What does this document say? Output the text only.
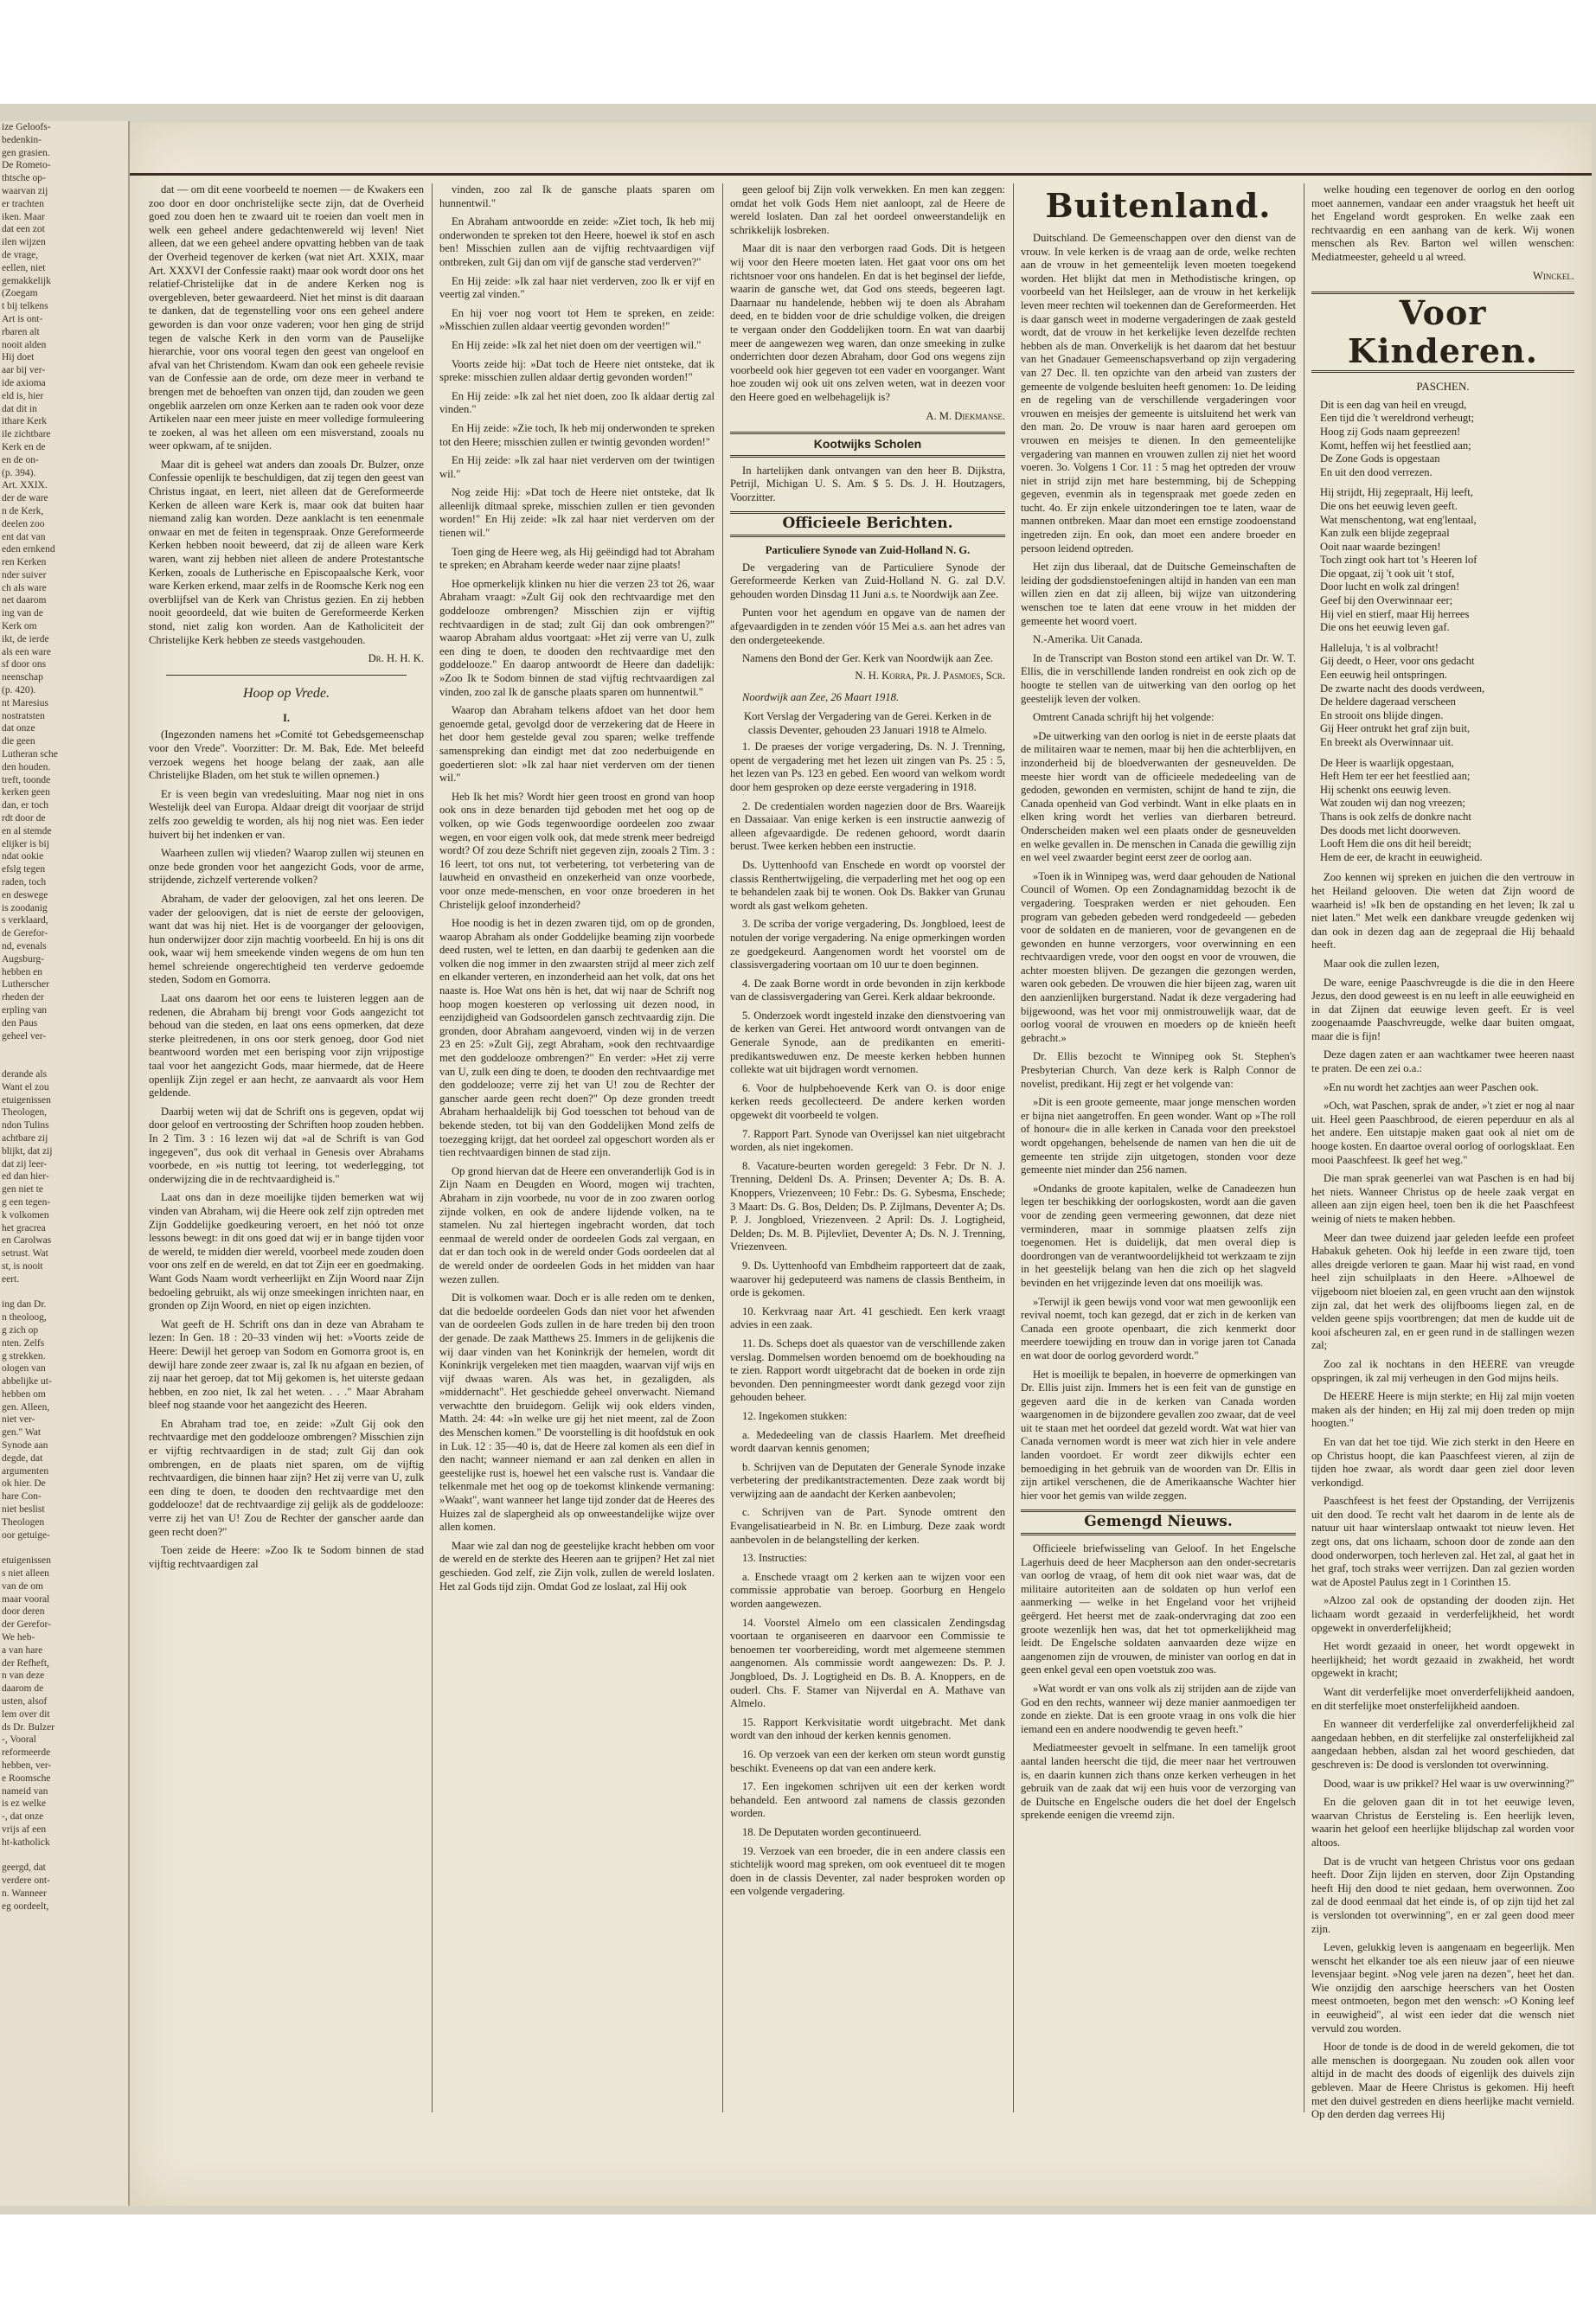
ize Geloofs-
bedenkin-
gen grasien.
De Rometo-
thtsche op-
waarvan zij
er trachten
iken. Maar
dat een zot
ilen wijzen
de vrage,
eellen, niet
gemakkelijk
(Zoegam
t bij telkens
Art is ont-
rbaren alt
nooit alden
Hij doet
aar bij ver-
ide axioma
eld is, hier
dat dit in
ithare Kerk
ile zichtbare
Kerk en de
en de on-
(p. 394).
Art. XXIX.
der de ware
n de Kerk,
deelen zoo
ent dat van
eden ernkend
ren Kerken
nder suiver
ch als ware
net daarom
ing van de
Kerk om
ikt, de ierde
als een ware
sf door ons
neenschap
(p. 420).
nt Maresius
nostratsten
dat onze
die geen
Lutheran sche
den houden.
treft, toonde
kerken geen
dan, er toch
rdt door de
en al stemde
elijker is bij
ndat ookie
efslg tegen
raden, toch
en deswege
is zoodanig
s verklaard,
de Gerefor-
nd, evenals
Augsburg-
hebben en
Lutherscher
rheden der
erpling van
den Paus
geheel ver-

derande als
Want el zou
etuigenissen
Theologen,
ndon Tulins
achtbare zij
blijkt, dat zij
dat zij leer-
ed dan hier-
gen niet te
g een tegen-
k volkomen
het gracrea
en Carolwas
setrust. Wat
st, is nooit
eert.

ing dan Dr.
n theoloog,
g zich op
nten. Zelfs
g strekken.
ologen van
abbelijke ut-
hebben om
gen. Alleen,
niet ver-
gen." Wat
Synode aan
degde, dat
argumenten
ok hier. De
hare Con-
niet beslist
Theologen
oor getuige-

etuigenissen
s niet alleen
van de om
maar vooral
door deren
der Gerefor-
We heb-
a van hare
der Refheft,
n van deze
daarom de
usten, alsof
lem over dit
ds Dr. Bulzer
-, Vooral
reformeerde
hebben, ver-
e Roomsche
nameid van
is ez welke
-, dat onze
vrijs af een
ht-katholick

geergd, dat
verdere ont-
n. Wanneer
eg oordeelt,

dat — om dit eene voorbeeld te noemen — de Kwakers een zoo door en door onchristelijke secte zijn, dat de Overheid goed zou doen hen te zwaard uit te roeien dan voelt men in welk een geheel andere gedachtenwereld wij leven! Niet alleen, dat we een geheel andere opvatting hebben van de taak der Overheid tegenover de kerken (wat niet Art. XXIX, maar Art. XXXVI der Confessie raakt) maar ook wordt door ons het relatief-Christelijke dat in de andere Kerken nog is overgebleven, beter gewaardeerd. Niet het minst is dit daaraan te danken, dat de tegenstelling voor ons een geheel andere geworden is dan voor onze vaderen; voor hen ging de strijd tegen de valsche Kerk in den vorm van de Pauselijke hierarchie, voor ons vooral tegen den geest van ongeloof en afval van het Christendom. Kwam dan ook een geheele revisie van de Confessie aan de orde, om deze meer in verband te brengen met de behoeften van onzen tijd, dan zouden we geen ongeblik aarzelen om onze Kerken aan te raden ook voor deze Artikelen naar een meer juiste en meer volledige formuleering te zoeken, al was het alleen om een misverstand, zooals nu weer opkwam, af te snijden.

Maar dit is geheel wat anders dan zooals Dr. Bulzer, onze Confessie openlijk te beschuldigen, dat zij tegen den geest van Christus ingaat, en leert, niet alleen dat de Gereformeerde Kerken de alleen ware Kerk is, maar ook dat buiten haar niemand zalig kan worden. Deze aanklacht is ten eenenmale onwaar en met de feiten in tegenspraak. Onze Gereformeerde Kerken hebben nooit beweerd, dat zij de alleen ware Kerk waren, want zij hebben niet alleen de andere Protestantsche Kerken, zooals de Lutherische en Episcopaalsche Kerk, voor ware Kerken erkend, maar zelfs in de Roomsche Kerk nog een overblijfsel van de Kerk van Christus gezien. En zij hebben nooit geoordeeld, dat wie buiten de Gereformeerde Kerken stond, niet zalig kon worden. Aan de Katholiciteit der Christelijke Kerk hebben ze steeds vastgehouden.

Dr. H. H. K.
Hoop op Vrede.
I.

(Ingezonden namens het »Comité tot Gebedsgemeenschap voor den Vrede". Voorzitter: Dr. M. Bak, Ede. Met beleefd verzoek wegens het hooge belang der zaak, aan alle Christelijke Bladen, om het stuk te willen opnemen.)

Er is veen begin van vredesluiting. Maar nog niet in ons Westelijk deel van Europa. Aldaar dreigt dit voorjaar de strijd zelfs zoo geweldig te worden, als hij nog niet was. Een ieder huivert bij het indenken er van.

Waarheen zullen wij vlieden? Waarop zullen wij steunen en onze bede gronden voor het aangezicht Gods, voor de arme, strijdende, zichzelf verterende volken?

Abraham, de vader der geloovigen, zal het ons leeren. De vader der geloovigen, dat is niet de eerste der geloovigen, want dat was hij niet. Het is de voorganger der geloovigen, hun onderwijzer door zijn machtig voorbeeld. En hij is ons dit ook, waar wij hem smeekende vinden wegens de om hun ten hemel schreiende ongerechtigheid ten verderve gedoemde steden, Sodom en Gomorra.

Laat ons daarom het oor eens te luisteren leggen aan de redenen, die Abraham bij brengt voor Gods aangezicht tot behoud van die steden, en laat ons eens opmerken, dat deze sterke pleitredenen, in ons oor sterk genoeg, door God niet beantwoord worden met een berisping voor zijn vrijpostige taal voor het aangezicht Gods, maar hiermede, dat de Heere openlijk Zijn zegel er aan hecht, ze aanvaardt als voor Hem geldende.

Daarbij weten wij dat de Schrift ons is gegeven, opdat wij door geloof en vertroosting der Schriften hoop zouden hebben. In 2 Tim. 3 : 16 lezen wij dat »al de Schrift is van God ingegeven", dus ook dit verhaal in Genesis over Abrahams voorbede, en »is nuttig tot leering, tot wederlegging, tot onderwijzing die in de rechtvaardigheid is."

Laat ons dan in deze moeilijke tijden bemerken wat wij vinden van Abraham, wij die Heere ook zelf zijn optreden met Zijn Goddelijke goedkeuring veroert, en het nóó tot onze lessons bewegt: in dit ons goed dat wij er in bange tijden voor de wereld, te midden dier wereld, voorbeel mede zouden doen voor ons zelf en de wereld, en dat tot Zijn eer en goedmaking. Want Gods Naam wordt verheerlijkt en Zijn Woord naar Zijn bedoeling gebruikt, als wij onze smeekingen inrichten naar, en gronden op Zijn Woord, en niet op eigen inzichten.

Wat geeft de H. Schrift ons dan in deze van Abraham te lezen: In Gen. 18 : 20–33 vinden wij het: »Voorts zeide de Heere: Dewijl het geroep van Sodom en Gomorra groot is, en dewijl hare zonde zeer zwaar is, zal Ik nu afgaan en bezien, of zij naar het geroep, dat tot Mij gekomen is, het uiterste gedaan hebben, en zoo niet, Ik zal het weten. . . ." Maar Abraham bleef nog staande voor het aangezicht des Heeren.

En Abraham trad toe, en zeide: »Zult Gij ook den rechtvaardige met den goddelooze ombrengen? Misschien zijn er vijftig rechtvaardigen in de stad; zult Gij dan ook ombrengen, en de plaats niet sparen, om de vijftig rechtvaardigen, die binnen haar zijn? Het zij verre van U, zulk een ding te doen, te dooden den rechtvaardige met den goddelooze! dat de rechtvaardige zij gelijk als de goddelooze: verre zij het van U! Zou de Rechter der ganscher aarde dan geen recht doen?"

Toen zeide de Heere: »Zoo Ik te Sodom binnen de stad vijftig rechtvaardigen zal

vinden, zoo zal Ik de gansche plaats sparen om hunnentwil."

En Abraham antwoordde en zeide: »Ziet toch, Ik heb mij onderwonden te spreken tot den Heere, hoewel ik stof en asch ben! Misschien zullen aan de vijftig rechtvaardigen vijf ontbreken, zult Gij dan om vijf de gansche stad verderven?"

En Hij zeide: »Ik zal haar niet verderven, zoo Ik er vijf en veertig zal vinden."

En hij voer nog voort tot Hem te spreken, en zeide: »Misschien zullen aldaar veertig gevonden worden!"

En Hij zeide: »Ik zal het niet doen om der veertigen wil."

Voorts zeide hij: »Dat toch de Heere niet ontsteke, dat ik spreke: misschien zullen aldaar dertig gevonden worden!"

En Hij zeide: »Ik zal het niet doen, zoo Ik aldaar dertig zal vinden."

En Hij zeide: »Zie toch, Ik heb mij onderwonden te spreken tot den Heere; misschien zullen er twintig gevonden worden!"

En Hij zeide: »Ik zal haar niet verderven om der twintigen wil."

Nog zeide Hij: »Dat toch de Heere niet ontsteke, dat Ik alleenlijk dítmaal spreke, misschien zullen er tien gevonden worden!" En Hij zeide: »Ik zal haar niet verderven om der tienen wil."

Toen ging de Heere weg, als Hij geëindigd had tot Abraham te spreken; en Abraham keerde weder naar zijne plaats!

Hoe opmerkelijk klinken nu hier die verzen 23 tot 26, waar Abraham vraagt: »Zult Gij ook den rechtvaardige met den goddelooze ombrengen? Misschien zijn er vijftig rechtvaardigen in de stad; zult Gij dan ook ombrengen?" waarop Abraham aldus voortgaat: »Het zij verre van U, zulk een ding te doen, te dooden den rechtvaardige met den goddelooze." En daarop antwoordt de Heere dan dadelijk: »Zoo Ik te Sodom binnen de stad vijftig rechtvaardigen zal vinden, zoo zal Ik de gansche plaats sparen om hunnentwil."

Waarop dan Abraham telkens afdoet van het door hem genoemde getal, gevolgd door de verzekering dat de Heere in het door hem gestelde geval zou sparen; welke treffende samenspreking dan eindigt met dat zoo nederbuigende en goedertieren slot: »Ik zal haar niet verderven om der tienen wil."

Heb Ik het mis? Wordt hier geen troost en grond van hoop ook ons in deze benarden tijd geboden met het oog op de volken, op wie Gods tegenwoordige oordeelen zoo zwaar wegen, en voor eigen volk ook, dat mede strenk meer bedreigd wordt? Of zou deze Schrift niet gegeven zijn, zooals 2 Tim. 3 : 16 leert, tot ons nut, tot verbetering, tot verbetering van de lauwheid en onvastheid en onzekerheid van onze voorbede, voor onze mede-menschen, en voor onze broederen in het Christelijk geloof inzonderheid?

Hoe noodig is het in dezen zwaren tijd, om op de gronden, waarop Abraham als onder Goddelijke beaming zijn voorbede deed rusten, wel te letten, en dan daarbij te gedenken aan die volken die nog immer in den zwaarsten strijd al meer zich zelf en elkander verteren, en inzonderheid aan het volk, dat ons het naaste is. Hoe Wat ons hèn is het, dat wij naar de Schrift nog hoop mogen koesteren op verlossing uit dezen nood, in eenzijdigheid van Godsoordelen gansch zechtvaardig zijn. Die gronden, door Abraham aangevoerd, vinden wij in de verzen 23 en 25: »Zult Gij, zegt Abraham, »ook den rechtvaardige met den goddelooze ombrengen?" En verder: »Het zij verre van U, zulk een ding te doen, te dooden den rechtvaardige met den goddelooze; verre zij het van U! zou de Rechter der ganscher aarde geen recht doen?" Op deze gronden treedt Abraham herhaaldelijk bij God toesschen tot behoud van de bekende steden, tot bij van den Goddelijken Mond zelfs de toezegging krijgt, dat het oordeel zal opgeschort worden als er tien rechtvaardigen binnen de stad zijn.

Op grond hiervan dat de Heere een onveranderlijk God is in Zijn Naam en Deugden en Woord, mogen wij trachten, Abraham in zijn voorbede, nu voor de in zoo zwaren oorlog zijnde volken, en ook de andere lijdende volken, na te stamelen. Nu zal hiertegen ingebracht worden, dat toch eenmaal de wereld onder de oordeelen Gods zal vergaan, en dat er dan toch ook in de wereld onder Gods oordeelen dat al de wereld onder de oordeelen Gods in het midden van haar wezen zullen.

Dit is volkomen waar. Doch er is alle reden om te denken, dat die bedoelde oordeelen Gods dan niet voor het afwenden van de oordeelen Gods zullen in de hare treden bij den troon der genade. De zaak Matthews 25. Immers in de gelijkenis die wij daar vinden van het Koninkrijk der hemelen, wordt dit Koninkrijk vergeleken met tien maagden, waarvan vijf wijs en vijf dwaas waren. Als was het, in gezaligden, als »middernacht". Het geschiedde geheel onverwacht. Niemand verwachtte den bruidegom. Gelijk wij ook elders vinden, Matth. 24: 44: »In welke ure gij het niet meent, zal de Zoon des Menschen komen." De voorstelling is dit hoofdstuk en ook in Luk. 12 : 35—40 is, dat de Heere zal komen als een dief in den nacht; wanneer niemand er aan zal denken en allen in geestelijke rust is, hoewel het een valsche rust is. Vandaar die telkenmale met het oog op de toekomst klinkende vermaning: »Waakt", want wanneer het lange tijd zonder dat de Heeres des Huizes zal de slapergheid als op onweestandelijke wijze over allen komen.

Maar wie zal dan nog de geestelijke kracht hebben om voor de wereld en de sterkte des Heeren aan te grijpen? Het zal niet geschieden. God zelf, zie Zijn volk, zullen de wereld loslaten. Het zal Gods tijd zijn. Omdat God ze loslaat, zal Hij ook

geen geloof bij Zijn volk verwekken. En men kan zeggen: omdat het volk Gods Hem niet aanloopt, zal de Heere de wereld loslaten. Dan zal het oordeel onweerstandelijk en schrikkelijk losbreken.

Maar dit is naar den verborgen raad Gods. Dit is hetgeen wij voor den Heere moeten laten. Het gaat voor ons om het richtsnoer voor ons handelen. En dat is het beginsel der liefde, waarin de gansche wet, dat God ons steeds, begeeren lagt. Daarnaar nu handelende, hebben wij te doen als Abraham deed, en te bidden voor de drie schuldige volken, die dreigen te vergaan onder den Goddelijken toorn. En wat van daarbij meer de aangewezen weg waren, dan onze smeeking in zulke onderrichten door dezen Abraham, door God ons wegens zijn voorbeeld ook hier gegeven tot een vader en voorganger. Want hoe zouden wij ook uit ons zelven weten, wat in deezen voor den Heere goed en welbehagelijk is?

A. M. Diekmanse.
Kootwijks Scholen

In hartelijken dank ontvangen van den heer B. Dijkstra, Petrijl, Michigan U. S. Am. $ 5. Ds. J. H. Houtzagers, Voorzitter.

Officieele Berichten.
Particuliere Synode van Zuid-Holland N. G.

De vergadering van de Particuliere Synode der Gereformeerde Kerken van Zuid-Holland N. G. zal D.V. gehouden worden Dinsdag 11 Juni a.s. te Noordwijk aan Zee.

Punten voor het agendum en opgave van de namen der afgevaardigden in te zenden vóór 15 Mei a.s. aan het adres van den ondergeteekende.

Namens den Bond der Ger. Kerk van Noordwijk aan Zee.
N. H. Korra, Pr. J. Pasmoes, Scr.

Noordwijk aan Zee, 26 Maart 1918.

Kort Verslag der Vergadering van de Gerei. Kerken in de classis Deventer, gehouden 23 Januari 1918 te Almelo.

1. De praeses der vorige vergadering, Ds. N. J. Trenning, opent de vergadering met het lezen uit zingen van Ps. 25 : 5, het lezen van Ps. 123 en gebed. Een woord van welkom wordt door hem gesproken op deze eerste vergadering in 1918.

2. De credentialen worden nagezien door de Brs. Waareijk en Dassaiaar. Van enige kerken is een instructie aanwezig of alleen afgevaardigde. De redenen gehoord, wordt daarin berust. Twee kerken hebben een instructie.

Ds. Uyttenhoofd van Enschede en wordt op voorstel der classis Renthertwijgeling, die verpaderling met het oog op een te behandelen zaak bij te wonen. Ook Ds. Bakker van Grunau wordt als gast welkom geheten.

3. De scriba der vorige vergadering, Ds. Jongbloed, leest de notulen der vorige vergadering. Na enige opmerkingen worden ze goedgekeurd. Aangenomen wordt het voorstel om de classisvergadering voortaan om 10 uur te doen beginnen.

4. De zaak Borne wordt in orde bevonden in zijn kerkbode van de classisvergadering van Gerei. Kerk aldaar bekroonde.

5. Onderzoek wordt ingesteld inzake den dienstvoering van de kerken van Gerei. Het antwoord wordt ontvangen van de Generale Synode, aan de predikanten en emeriti-predikantsweduwen enz. De meeste kerken hebben hunnen collekte wat uit bijdragen wordt vernomen.

6. Voor de hulpbehoevende Kerk van O. is door enige kerken reeds gecollecteerd. De andere kerken worden opgewekt dit voorbeeld te volgen.

7. Rapport Part. Synode van Overijssel kan niet uitgebracht worden, als niet ingekomen.

8. Vacature-beurten worden geregeld: 3 Febr. Dr N. J. Trenning, Deldenl Ds. A. Prinsen; Deventer A; Ds. B. A. Knoppers, Vriezenveen; 10 Febr.: Ds. G. Sybesma, Enschede; 3 Maart: Ds. G. Bos, Delden; Ds. P. Zijlmans, Deventer A; Ds. P. J. Jongbloed, Vriezenveen. 2 April: Ds. J. Logtigheid, Delden; Ds. M. B. Pijlevliet, Deventer A; Ds. N. J. Trenning, Vriezenveen.

9. Ds. Uyttenhoofd van Embdheim rapporteert dat de zaak, waarover hij gedeputeerd was namens de classis Bentheim, in orde is gekomen.

10. Kerkvraag naar Art. 41 geschiedt. Een kerk vraagt advies in een zaak.

11. Ds. Scheps doet als quaestor van de verschillende zaken verslag. Dommelsen worden benoemd om de boekhouding na te zien. Rapport wordt uitgebracht dat de boeken in orde zijn bevonden. Den penningmeester wordt dank gezegd voor zijn gehouden beheer.

12. Ingekomen stukken:

a. Mededeeling van de classis Haarlem. Met dreefheid wordt daarvan kennis genomen;

b. Schrijven van de Deputaten der Generale Synode inzake verbetering der predikantstractementen. Deze zaak wordt bij verwijzing aan de aandacht der Kerken aanbevolen;

c. Schrijven van de Part. Synode omtrent den Evangelisatiearbeid in N. Br. en Limburg. Deze zaak wordt aanbevolen in de belangstelling der kerken.

13. Instructies:

a. Enschede vraagt om 2 kerken aan te wijzen voor een commissie approbatie van beroep. Goorburg en Hengelo worden aangewezen.

14. Voorstel Almelo om een classicalen Zendingsdag voortaan te organiseeren en daarvoor een Commissie te benoemen ter voorbereiding, wordt met algemeene stemmen aangenomen. Als commissie wordt aangewezen: Ds. P. J. Jongbloed, Ds. J. Logtigheid en Ds. B. A. Knoppers, en de ouderl. Chs. F. Stamer van Nijverdal en A. Mathave van Almelo.

15. Rapport Kerkvisitatie wordt uitgebracht. Met dank wordt van den inhoud der kerken kennis genomen.

16. Op verzoek van een der kerken om steun wordt gunstig beschikt. Eveneens op dat van een andere kerk.

17. Een ingekomen schrijven uit een der kerken wordt behandeld. Een antwoord zal namens de classis gezonden worden.

18. De Deputaten worden gecontinueerd.

19. Verzoek van een broeder, die in een andere classis een stichtelijk woord mag spreken, om ook eventueel dit te mogen doen in de classis Deventer, zal nader besproken worden op een volgende vergadering.

Buitenland.

Duitschland. De Gemeenschappen over den dienst van de vrouw. In vele kerken is de vraag aan de orde, welke rechten aan de vrouw in het gemeentelijk leven moeten toegekend worden. Het blijkt dat men in Methodistische kringen, op voorbeeld van het Heilsleger, aan de vrouw in het kerkelijk leven meer rechten wil toekennen dan de Gereformeerden. Het is daar gansch weet in moderne vergaderingen de zaak gesteld wordt, dat de vrouw in het kerkelijke leven dezelfde rechten hebben als de man. Onverkelijk is het daarom dat het bestuur van het Gnadauer Gemeenschapsverband op zijn vergadering van 27 Dec. ll. ten opzichte van den arbeid van zusters der gemeente de volgende besluiten heeft genomen: 1o. De leiding en de regeling van de verschillende vergaderingen voor vrouwen en meisjes der gemeente is uitsluitend het werk van den man. 2o. De vrouw is naar haren aard geroepen om vrouwen en meisjes te dienen. In den gemeentelijke vergadering van mannen en vrouwen zullen zij niet het woord voeren. 3o. Volgens 1 Cor. 11 : 5 mag het optreden der vrouw niet in strijd zijn met hare bestemming, bij de Schepping gegeven, evenmin als in tegenspraak met goede zeden en tucht. 4o. Er zijn enkele uitzonderingen toe te laten, waar de mannen ontbreken. Maar dan moet een ernstige zoodoenstand ingetreden zijn. En ook, dan moet een andere broeder en persoon leidend optreden.

Het zijn dus liberaal, dat de Duitsche Gemeinschaften de leiding der godsdienstoefeningen altijd in handen van een man willen zien en dat zij alleen, bij wijze van uitzondering wenschen toe te laten dat eene vrouw in het midden der gemeente het woord voert.

N.-Amerika. Uit Canada.

In de Transcript van Boston stond een artikel van Dr. W. T. Ellis, die in verschillende landen rondreist en ook zich op de hoogte te stellen van de uitwerking van den oorlog op het geestelijk leven der volken.

Omtrent Canada schrijft hij het volgende:

»De uitwerking van den oorlog is niet in de eerste plaats dat de militairen waar te nemen, maar bij hen die achterblijven, en inzonderheid bij de bloedverwanten der gesneuvelden. De meeste hier wordt van de officieele mededeeling van de gedoden, gewonden en vermisten, schijnt de hand te zijn, die Canada openheid van God verbindt. Want in elke plaats en in elken kring wordt het verlies van dierbaren betreurd. Onderscheiden maken wel een plaats onder de gesneuvelden en welke gevallen in. De menschen in Canada die gewillig zijn en wel veel zwaarder begint eerst zeer de oorlog aan.

»Toen ik in Winnipeg was, werd daar gehouden de National Council of Women. Op een Zondagnamiddag bezocht ik de vergadering. Toespraken werden er niet gehouden. Een program van gebeden gebeden werd rondgedeeld — gebeden voor de soldaten en de manieren, voor de gevangenen en de gewonden en hunne verzorgers, voor overwinning en een rechtvaardigen vrede, voor den oogst en voor de vrouwen, die achter moesten blijven. De gezangen die gezongen werden, waren ook gebeden. De vrouwen die hier bijeen zag, waren uit den aanzienlijken burgerstand. Nadat ik deze vergadering had bijgewoond, was het voor mij onmistrouwelijk waar, dat de oorlog vooral de vrouwen en moeders op de knieën heeft gebracht.»

Dr. Ellis bezocht te Winnipeg ook St. Stephen's Presbyterian Church. Van deze kerk is Ralph Connor de novelist, predikant. Hij zegt er het volgende van:

»Dit is een groote gemeente, maar jonge menschen worden er bijna niet aangetroffen. En geen wonder. Want op »The roll of honour« die in alle kerken in Canada voor den preekstoel wordt opgehangen, behelsende de namen van hen die uit de gemeente ten strijde zijn uitgetogen, stonden voor deze gemeente niet minder dan 256 namen.

»Ondanks de groote kapitalen, welke de Canadeezen hun legen ter beschikking der oorlogskosten, wordt aan die gaven voor de zending geen vermeering gewonnen, dat deze niet verminderen, maar in sommige plaatsen zelfs zijn toegenomen. Het is duidelijk, dat men overal diep is doordrongen van de verantwoordelijkheid tot werkzaam te zijn in het geestelijk belang van hen die zich op het slagveld bevinden en het vrijgezinde leven dat ons moeilijk was.

»Terwijl ik geen bewijs vond voor wat men gewoonlijk een revival noemt, toch kan gezegd, dat er zich in de kerken van Canada een groote openbaart, die zich kenmerkt door meerdere toewijding en trouw dan in vorige jaren tot Canada en wat door de oorlog gevorderd wordt."

Het is moeilijk te bepalen, in hoeverre de opmerkingen van Dr. Ellis juist zijn. Immers het is een feit van de gunstige en gegeven aard die in de kerken van Canada worden waargenomen in de bijzondere gevallen zoo zwaar, dat de veel uit te staan met het oordeel dat gezeld wordt. Wat wat hier van Canada vernomen wordt is meer wat zich hier in vele andere landen voordoet. Er wordt zeer dikwijls echter een bemoediging in het gebruik van de woorden van Dr. Ellis in zijn artikel verschenen, die de Amerikaansche Wachter hier hier voor het gemis van wilde zeggen.

Gemengd Nieuws.

Officieele briefwisseling van Geloof. In het Engelsche Lagerhuis deed de heer Macpherson aan den onder-secretaris van oorlog de vraag, of hem dit ook niet waar was, dat de militaire autoriteiten aan de soldaten op hun verlof een aanmerking — welke in het Engeland voor het vrijheid geërgerd. Het heerst met de zaak-ondervraging dat zoo een groote wezenlijk hen was, dat het tot opmerkelijkheid mag leidt. De Engelsche soldaten aanvaarden deze wijze en aangenomen zijn de vrouwen, de minister van oorlog en dat in geen enkel geval een open voetstuk zoo was.

»Wat wordt er van ons volk als zij strijden aan de zijde van God en den rechts, wanneer wij deze manier aanmoedigen ter zonde en ziekte. Dat is een groote vraag in ons volk die hier iemand een en andere noodwendig te geven heeft."

Mediatmeester gevoelt in selfmane. In een tamelijk groot aantal landen heerscht die tijd, die meer naar het vertrouwen is, en daarin kunnen zich thans onze kerken verheugen in het gebruik van de zaak dat wij een huis voor de verzorging van de Duitsche en Engelsche ouders die het doel der Engelsch sprekende eenigen die vreemd zijn.

welke houding een tegenover de oorlog en den oorlog moet aannemen, vandaar een ander vraagstuk het heeft uit het Engeland wordt gesproken. En welke zaak een rechtvaardig en een aanhang van de kerk. Wij wonen menschen als Rev. Barton wel willen wenschen: Mediatmeester, geheeld u al wreed.

Winckel.
Voor Kinderen.
PASCHEN.
Dit is een dag van heil en vreugd,
Een tijd die 't wereldrond verheugt;
Hoog zij Gods naam gepreezen!
Komt, heffen wij het feestlied aan;
De Zone Gods is opgestaan
En uit den dood verrezen.
Hij strijdt, Hij zegepraalt, Hij leeft,
Die ons het eeuwig leven geeft.
Wat menschentong, wat eng'lentaal,
Kan zulk een blijde zegepraal
Ooit naar waarde bezingen!
Toch zingt ook hart tot 's Heeren lof
Die opgaat, zij 't ook uit 't stof,
Door lucht en wolk zal dringen!
Geef bij den Overwinnaar eer;
Hij viel en stierf, maar Hij herrees
Die ons het eeuwig leven gaf.
Halleluja, 't is al volbracht!
Gij deedt, o Heer, voor ons gedacht
Een eeuwig heil ontspringen.
De zwarte nacht des doods verdween,
De heldere dageraad verscheen
En strooit ons blijde dingen.
Gij Heer ontrukt het graf zijn buit,
En breekt als Overwinnaar uit.
De Heer is waarlijk opgestaan,
Heft Hem ter eer het feestlied aan;
Hij schenkt ons eeuwig leven.
Wat zouden wij dan nog vreezen;
Thans is ook zelfs de donkre nacht
Des doods met licht doorweven.
Looft Hem die ons dit heil bereidt;
Hem de eer, de kracht in eeuwigheid.

Zoo kennen wij spreken en juichen die den vertrouw in het Heiland gelooven. Die weten dat Zijn woord de waarheid is! »Ik ben de opstanding en het leven; Ik zal u niet laten." Met welk een dankbare vreugde gedenken wij dan ook in dezen dag aan de zegepraal die Hij behaald heeft.

Maar ook die zullen lezen,

De ware, eenige Paaschvreugde is die die in den Heere Jezus, den dood geweest is en nu leeft in alle eeuwigheid en in dat Zijnen dat eeuwige leven geeft. Er is veel zoogenaamde Paaschvreugde, welke daar buiten omgaat, maar die is fijn!

Deze dagen zaten er aan wachtkamer twee heeren naast te praten. De een zei o.a.:

»En nu wordt het zachtjes aan weer Paschen ook.

»Och, wat Paschen, sprak de ander, »'t ziet er nog al naar uit. Heel geen Paaschbrood, de eieren peperduur en als al het andere. Een uitstapje maken gaat ook al niet om de hooge kosten. En daartoe overal oorlog of oorlogsklaat. Een mooi Paaschfeest. Ik geef het weg."

Die man sprak geenerlei van wat Paschen is en had bij het niets. Wanneer Christus op de heele zaak vergat en alleen aan zijn eigen heel, toen ben ik die het Paaschfeest weinig of niets te maken hebben.

Meer dan twee duizend jaar geleden leefde een profeet Habakuk geheten. Ook hij leefde in een zware tijd, toen alles dreigde verloren te gaan. Maar hij wist raad, en vond heel zijn schuilplaats in den Heere. »Alhoewel de vijgeboom niet bloeien zal, en geen vrucht aan den wijnstok zijn zal, dat het werk des olijfbooms liegen zal, en de velden geene spijs voortbrengen; dat men de kudde uit de kooi afscheuren zal, en er geen rund in de stallingen wezen zal;

Zoo zal ik nochtans in den HEERE van vreugde opspringen, ik zal mij verheugen in den God mijns heils.

De HEERE Heere is mijn sterkte; en Hij zal mijn voeten maken als der hinden; en Hij zal mij doen treden op mijn hoogten."

En van dat het toe tijd. Wie zich sterkt in den Heere en op Christus hoopt, die kan Paaschfeest vieren, al zijn de tijden hoe zwaar, als wordt daar geen ziel door leven verkondigd.

Paaschfeest is het feest der Opstanding, der Verrijzenis uit den dood. Te recht valt het daarom in de lente als de natuur uit haar winterslaap ontwaakt tot nieuw leven. Het zegt ons, dat ons lichaam, schoon door de zonde aan den dood onderworpen, toch herleven zal. Het zal, al gaat het in het graf, toch straks weer verrijzen. Dan zal gezien worden wat de Apostel Paulus zegt in 1 Corinthen 15.

»Alzoo zal ook de opstanding der dooden zijn. Het lichaam wordt gezaaid in verderfelijkheid, het wordt opgewekt in onverderfelijkheid;

Het wordt gezaaid in oneer, het wordt opgewekt in heerlijkheid; het wordt gezaaid in zwakheid, het wordt opgewekt in kracht;

Want dit verderfelijke moet onverderfelijkheid aandoen, en dit sterfelijke moet onsterfelijkheid aandoen.

En wanneer dit verderfelijke zal onverderfelijkheid zal aangedaan hebben, en dit sterfelijke zal onsterfelijkheid zal aangedaan hebben, alsdan zal het woord geschieden, dat geschreven is: De dood is verslonden tot overwinning.

Dood, waar is uw prikkel? Hel waar is uw overwinning?"

En die geloven gaan dit in tot het eeuwige leven, waarvan Christus de Eersteling is. Een heerlijk leven, waarin het geloof een heerlijke blijdschap zal worden voor altoos.

Dat is de vrucht van hetgeen Christus voor ons gedaan heeft. Door Zijn lijden en sterven, door Zijn Opstanding heeft Hij den dood te niet gedaan, hem overwonnen. Zoo zal de dood eenmaal dat het einde is, of op zijn tijd het zal is verslonden tot overwinning", en er zal geen dood meer zijn.

Leven, gelukkig leven is aangenaam en begeerlijk. Men wenscht het elkander toe als een nieuw jaar of een nieuwe levensjaar begint. »Nog vele jaren na dezen", heet het dan. Wie onzijdig den aarschige heerschers van het Oosten meest ontmoeten, begon met den wensch: »O Koning leef in eeuwigheid", al wist een ieder dat die wensch niet vervuld zou worden.

Hoor de tonde is de dood in de wereld gekomen, die tot alle menschen is doorgegaan. Nu zouden ook allen voor altijd in de macht des doods of eigenlijk des duivels zijn gebleven. Maar de Heere Christus is gekomen. Hij heeft met den duivel gestreden en diens heerlijke macht vernield. Op den derden dag verrees Hij
